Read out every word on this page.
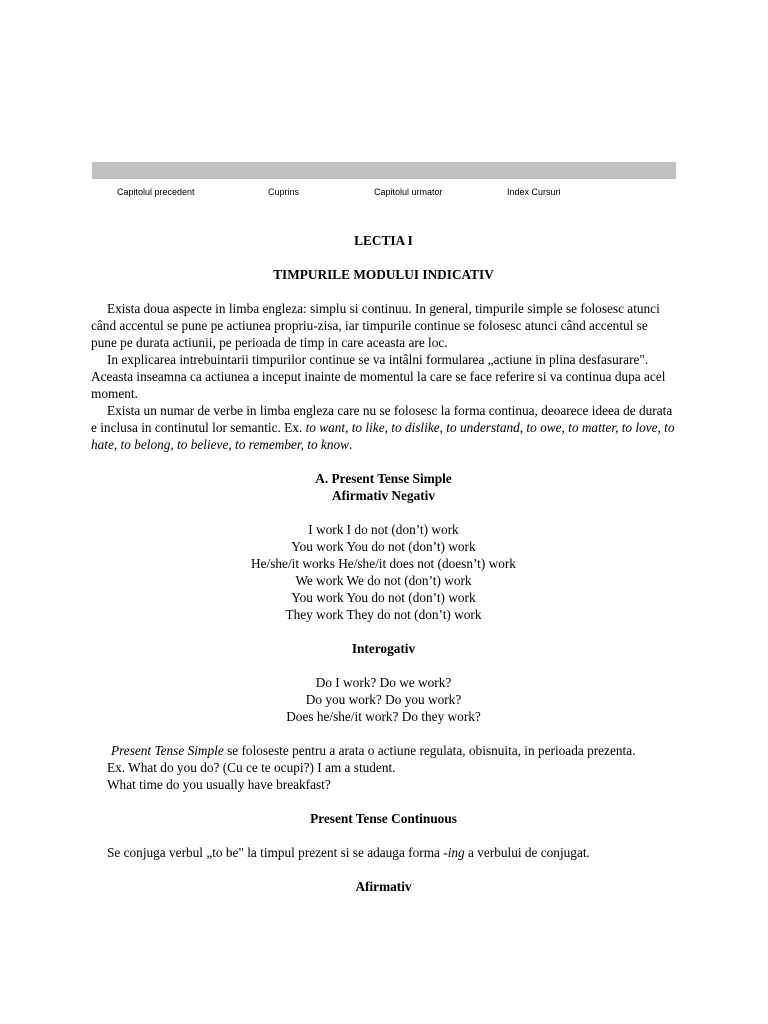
Capitolul precedent	Cuprins	Capitolul urmator	Index Cursuri

LECTIA I

TIMPURILE MODULUI INDICATIV

Exista doua aspecte in limba engleza: simplu si continuu. In general, timpurile simple se folosesc atunci când accentul se pune pe actiunea propriu-zisa, iar timpurile continue se folosesc atunci când accentul se pune pe durata actiunii, pe perioada de timp in care aceasta are loc.

In explicarea intrebuintarii timpurilor continue se va intâlni formularea „actiune in plina desfasurare". Aceasta inseamna ca actiunea a inceput inainte de momentul la care se face referire si va continua dupa acel moment.

Exista un numar de verbe in limba engleza care nu se folosesc la forma continua, deoarece ideea de durata e inclusa in continutul lor semantic. Ex. to want, to like, to dislike, to understand, to owe, to matter, to love, to hate, to belong, to believe, to remember, to know.

A. Present Tense Simple

Afirmativ Negativ

I work I do not (don’t) work

You work You do not (don’t) work

He/she/it works He/she/it does not (doesn’t) work

We work We do not (don’t) work

You work You do not (don’t) work

They work They do not (don’t) work

Interogativ

Do I work? Do we work?

Do you work? Do you work?

Does he/she/it work? Do they work?

Present Tense Simple se foloseste pentru a arata o actiune regulata, obisnuita, in perioada prezenta.

Ex. What do you do? (Cu ce te ocupi?) I am a student.

What time do you usually have breakfast?

Present Tense Continuous

Se conjuga verbul „to be" la timpul prezent si se adauga forma -ing a verbului de conjugat.

Afirmativ
